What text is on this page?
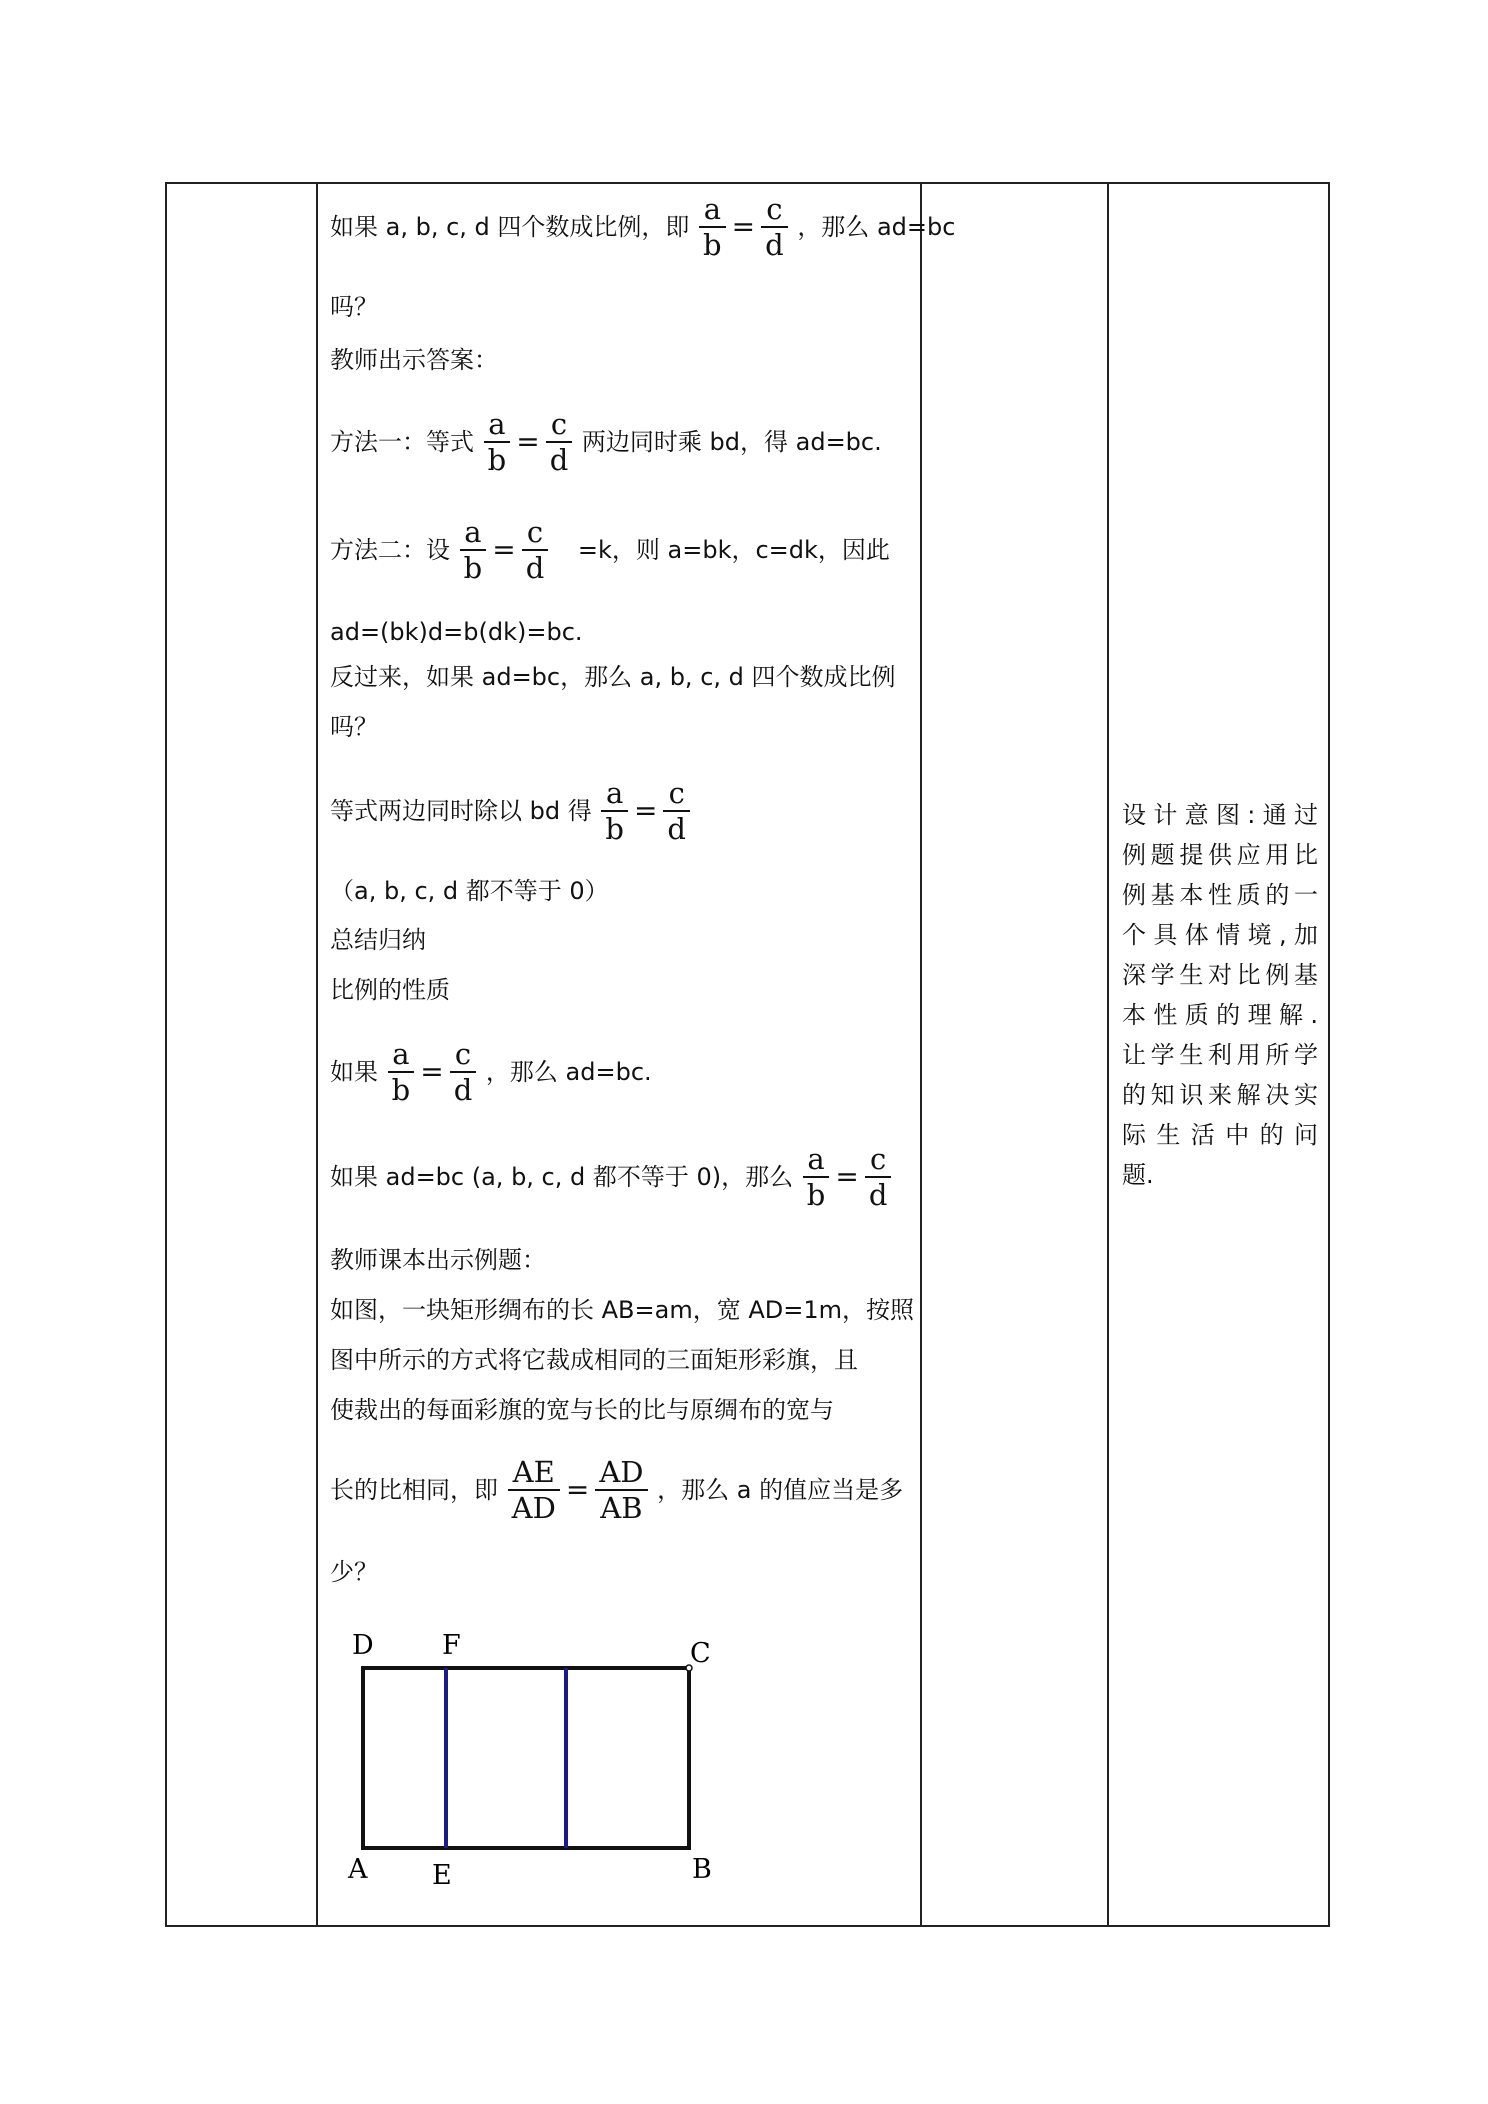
如果 a, b, c, d 四个数成比例，即 $\frac{a}{b} = \frac{c}{d}$ ，那么 ad=bc
吗？
教师出示答案：
方法一：等式 $\frac{a}{b} = \frac{c}{d}$ 两边同时乘 bd，得 ad=bc.
方法二：设 $\frac{a}{b} = \frac{c}{d} =k$，则 a=bk，c=dk，因此
ad=(bk)d=b(dk)=bc.
反过来，如果 ad=bc，那么 a, b, c, d 四个数成比例
吗？
等式两边同时除以 bd 得 $\frac{a}{b} = \frac{c}{d}$
（a, b, c, d 都不等于 0）
总结归纳
比例的性质
如果 $\frac{a}{b} = \frac{c}{d}$ ，那么 ad=bc.
如果 ad=bc (a, b, c, d 都不等于 0)，那么 $\frac{a}{b} = \frac{c}{d}$
教师课本出示例题：
如图，一块矩形绸布的长 AB=am，宽 AD=1m，按照
图中所示的方式将它裁成相同的三面矩形彩旗，且
使裁出的每面彩旗的宽与长的比与原绸布的宽与
长的比相同，即 $\frac{AE}{AD} = \frac{AD}{AB}$ ，那么 a 的值应当是多
少？
D	F	C
A E	B
设计意图:通过
例题提供应用比
例基本性质的一
个具体情境,加
深学生对比例基
本性质的理解.
让学生利用所学
的知识来解决实
际生活中的问
题.
